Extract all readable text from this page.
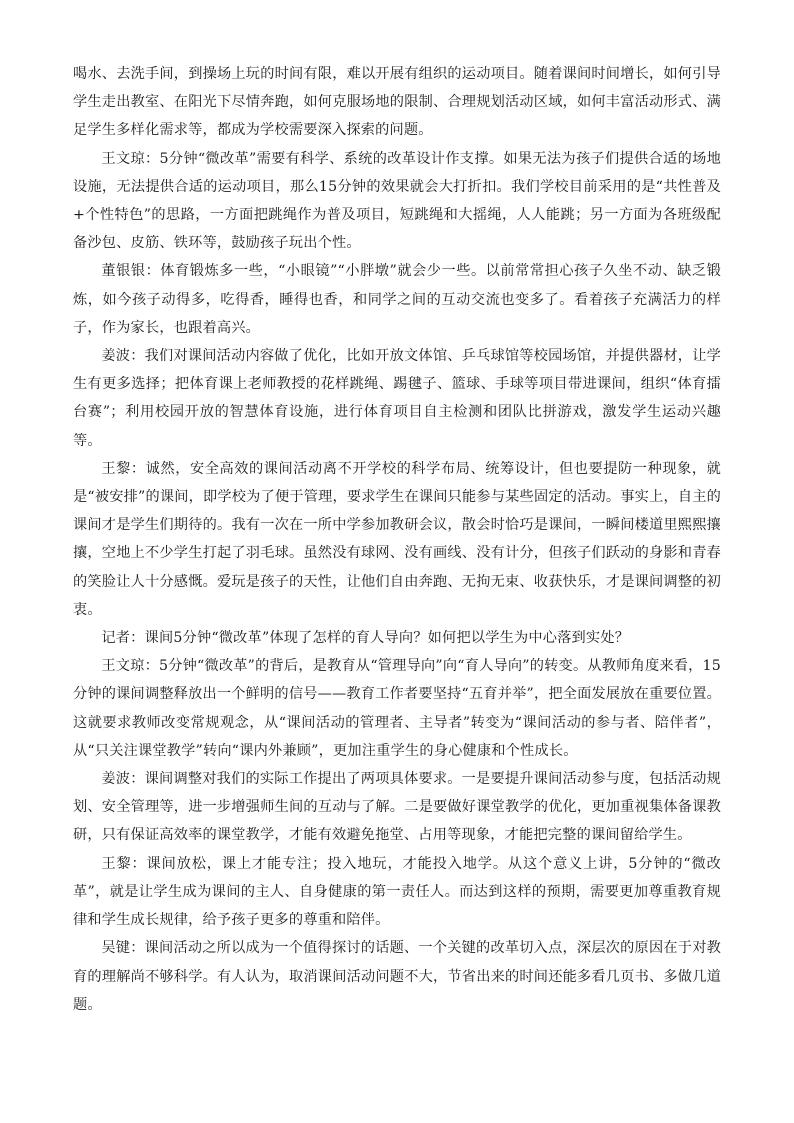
喝水、去洗手间，到操场上玩的时间有限，难以开展有组织的运动项目。随着课间时间增长，如何引导学生走出教室、在阳光下尽情奔跑，如何克服场地的限制、合理规划活动区域，如何丰富活动形式、满足学生多样化需求等，都成为学校需要深入探索的问题。

王文琼：5分钟“微改革”需要有科学、系统的改革设计作支撑。如果无法为孩子们提供合适的场地设施，无法提供合适的运动项目，那么15分钟的效果就会大打折扣。我们学校目前采用的是“共性普及+个性特色”的思路，一方面把跳绳作为普及项目，短跳绳和大摇绳，人人能跳；另一方面为各班级配备沙包、皮筋、铁环等，鼓励孩子玩出个性。

董银银：体育锻炼多一些，“小眼镜”“小胖墩”就会少一些。以前常常担心孩子久坐不动、缺乏锻炼，如今孩子动得多，吃得香，睡得也香，和同学之间的互动交流也变多了。看着孩子充满活力的样子，作为家长，也跟着高兴。

姜波：我们对课间活动内容做了优化，比如开放文体馆、乒乓球馆等校园场馆，并提供器材，让学生有更多选择；把体育课上老师教授的花样跳绳、踢毽子、篮球、手球等项目带进课间，组织“体育擂台赛”；利用校园开放的智慧体育设施，进行体育项目自主检测和团队比拼游戏，激发学生运动兴趣等。

王黎：诚然，安全高效的课间活动离不开学校的科学布局、统筹设计，但也要提防一种现象，就是“被安排”的课间，即学校为了便于管理，要求学生在课间只能参与某些固定的活动。事实上，自主的课间才是学生们期待的。我有一次在一所中学参加教研会议，散会时恰巧是课间，一瞬间楼道里熙熙攘攘，空地上不少学生打起了羽毛球。虽然没有球网、没有画线、没有计分，但孩子们跃动的身影和青春的笑脸让人十分感慨。爱玩是孩子的天性，让他们自由奔跑、无拘无束、收获快乐，才是课间调整的初衷。

记者：课间5分钟“微改革”体现了怎样的育人导向？如何把以学生为中心落到实处？

王文琼：5分钟“微改革”的背后，是教育从“管理导向”向“育人导向”的转变。从教师角度来看，15分钟的课间调整释放出一个鲜明的信号——教育工作者要坚持“五育并举”，把全面发展放在重要位置。这就要求教师改变常规观念，从“课间活动的管理者、主导者”转变为“课间活动的参与者、陪伴者”，从“只关注课堂教学”转向“课内外兼顾”，更加注重学生的身心健康和个性成长。

姜波：课间调整对我们的实际工作提出了两项具体要求。一是要提升课间活动参与度，包括活动规划、安全管理等，进一步增强师生间的互动与了解。二是要做好课堂教学的优化，更加重视集体备课教研，只有保证高效率的课堂教学，才能有效避免拖堂、占用等现象，才能把完整的课间留给学生。

王黎：课间放松，课上才能专注；投入地玩，才能投入地学。从这个意义上讲，5分钟的“微改革”，就是让学生成为课间的主人、自身健康的第一责任人。而达到这样的预期，需要更加尊重教育规律和学生成长规律，给予孩子更多的尊重和陪伴。

吴键：课间活动之所以成为一个值得探讨的话题、一个关键的改革切入点，深层次的原因在于对教育的理解尚不够科学。有人认为，取消课间活动问题不大，节省出来的时间还能多看几页书、多做几道题。
